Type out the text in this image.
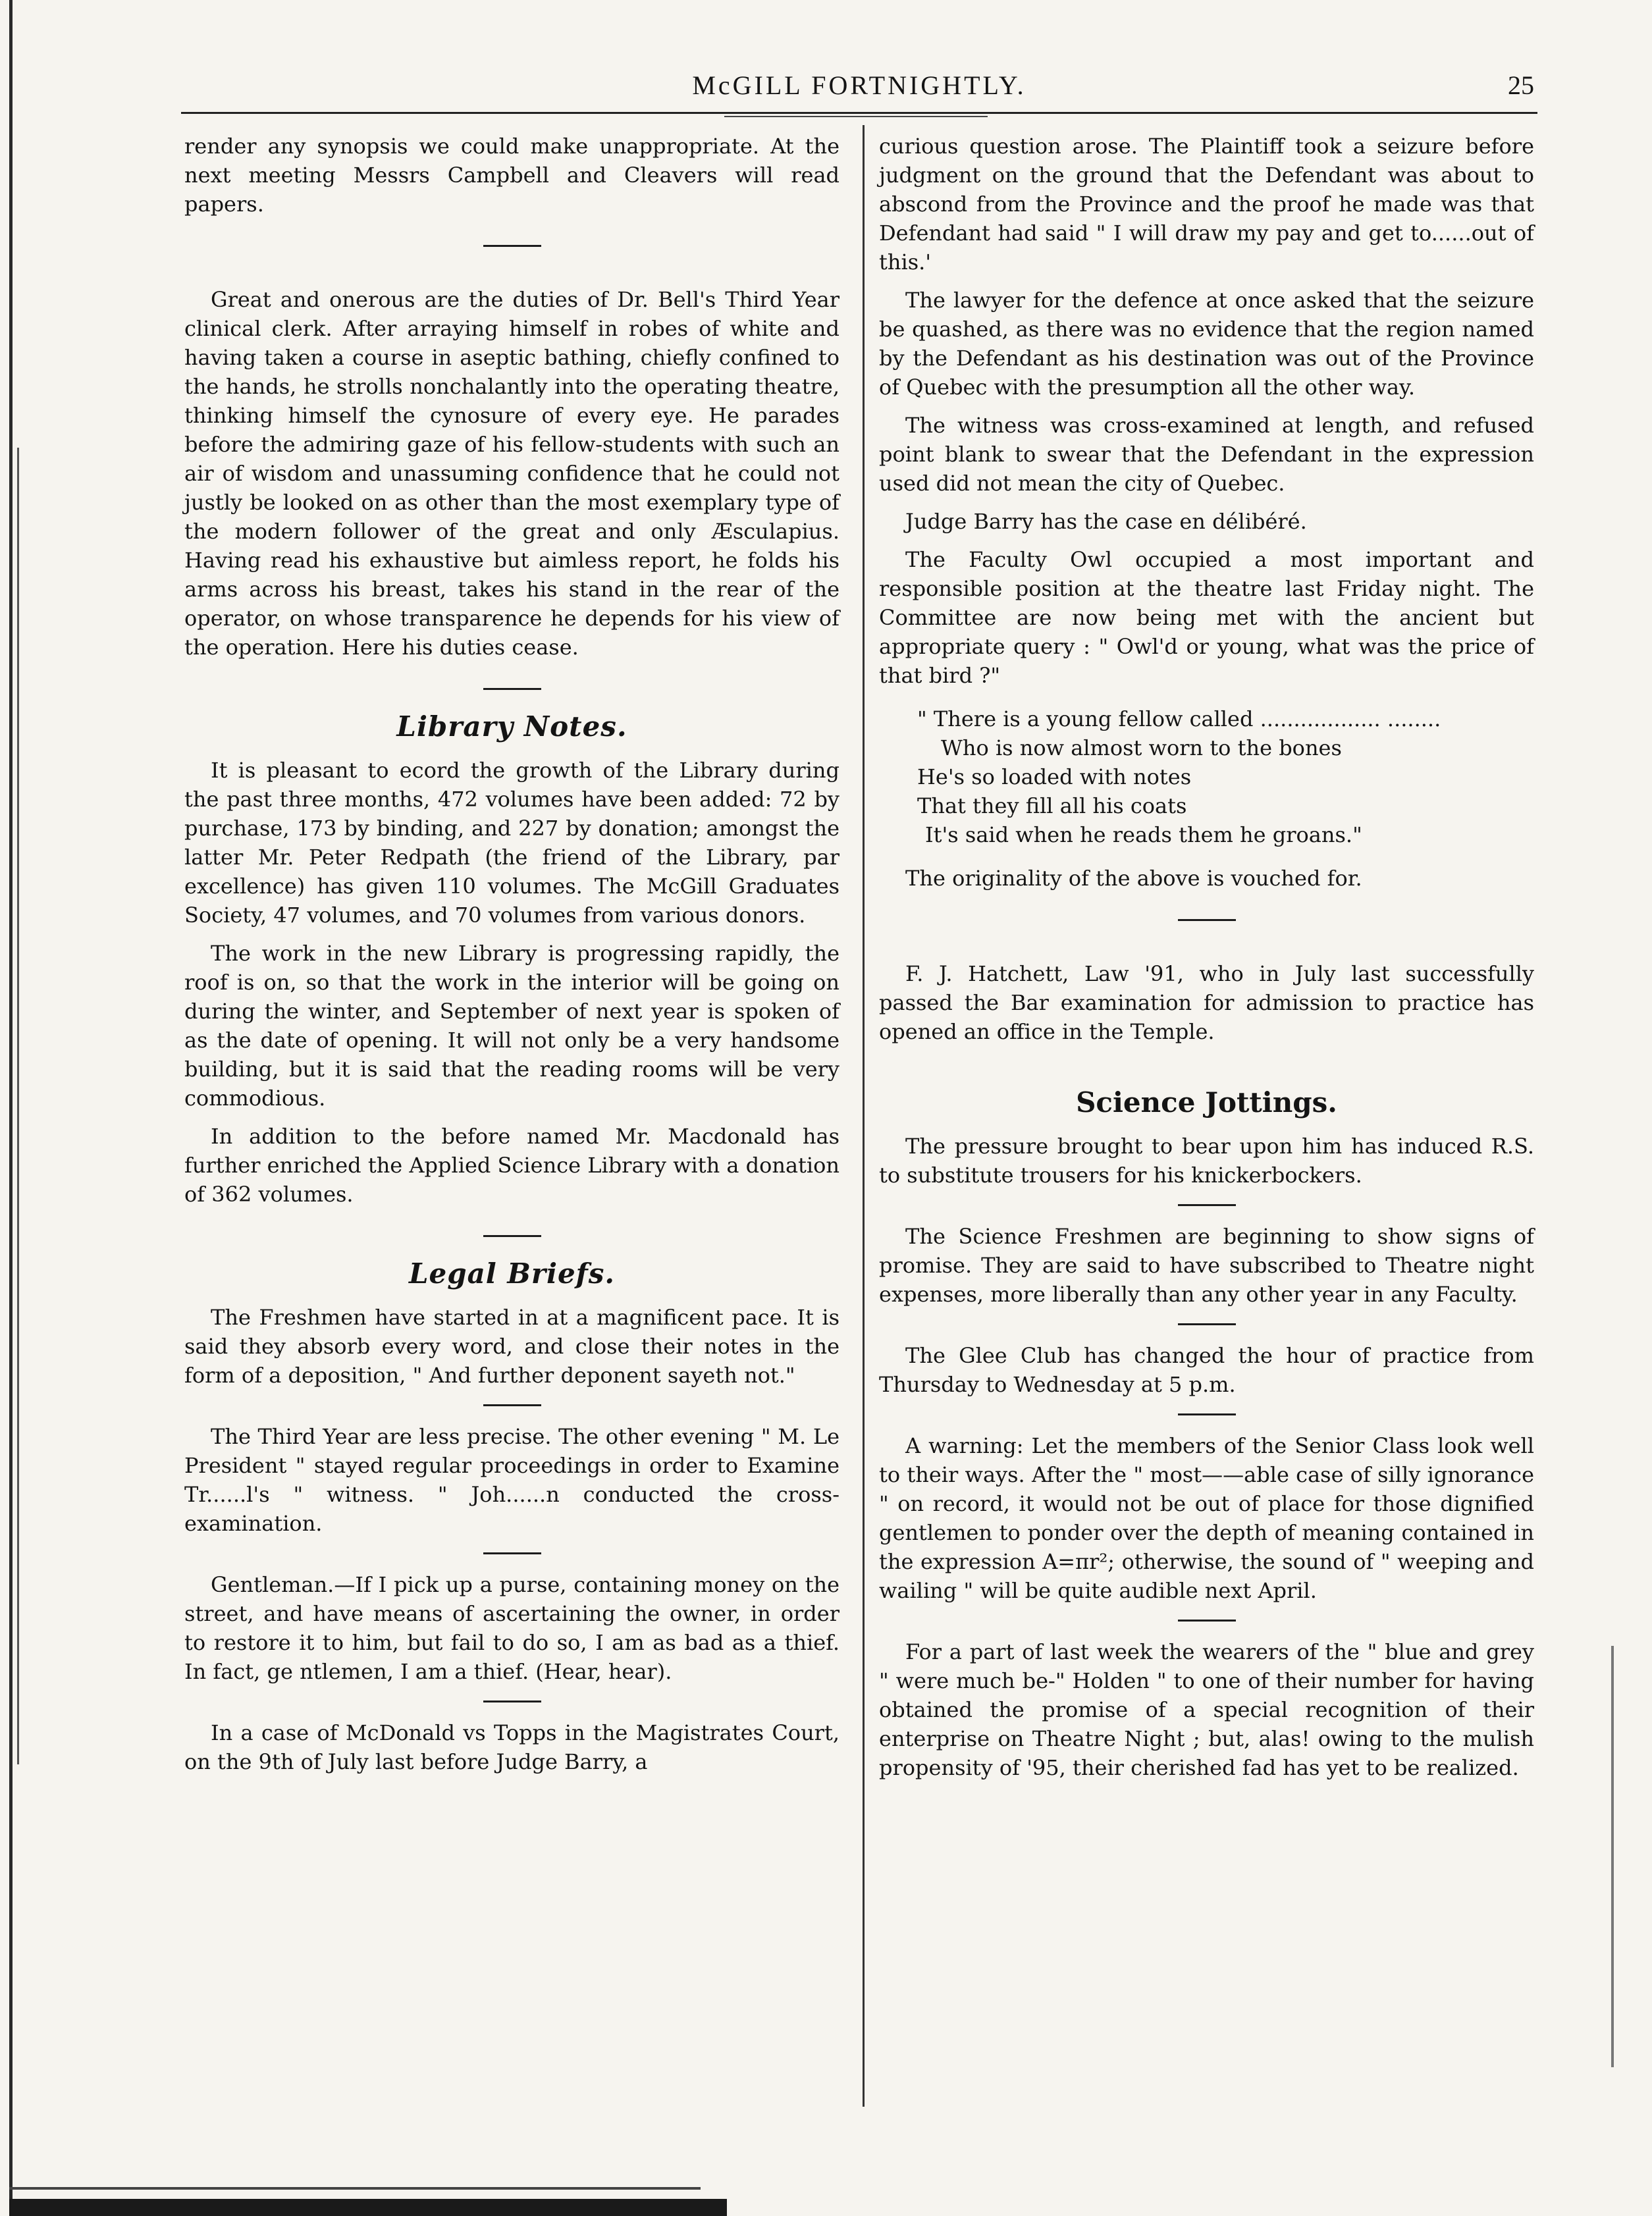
McGILL FORTNIGHTLY.	25

render any synopsis we could make unappropriate. At the next meeting Messrs Campbell and Cleavers will read papers.

Great and onerous are the duties of Dr. Bell's Third Year clinical clerk. After arraying himself in robes of white and having taken a course in aseptic bathing, chiefly confined to the hands, he strolls nonchalantly into the operating theatre, thinking himself the cynosure of every eye. He parades before the admiring gaze of his fellow-students with such an air of wisdom and unassuming confidence that he could not justly be looked on as other than the most exemplary type of the modern follower of the great and only Æsculapius. Having read his exhaustive but aimless report, he folds his arms across his breast, takes his stand in the rear of the operator, on whose transparence he depends for his view of the operation. Here his duties cease.

Library Notes.

It is pleasant to ecord the growth of the Library during the past three months, 472 volumes have been added: 72 by purchase, 173 by binding, and 227 by donation; amongst the latter Mr. Peter Redpath (the friend of the Library, par excellence) has given 110 volumes. The McGill Graduates Society, 47 volumes, and 70 volumes from various donors.

The work in the new Library is progressing rapidly, the roof is on, so that the work in the interior will be going on during the winter, and September of next year is spoken of as the date of opening. It will not only be a very handsome building, but it is said that the reading rooms will be very commodious.

In addition to the before named Mr. Macdonald has further enriched the Applied Science Library with a donation of 362 volumes.

Legal Briefs.

The Freshmen have started in at a magnificent pace. It is said they absorb every word, and close their notes in the form of a deposition, " And further deponent sayeth not."

The Third Year are less precise. The other evening " M. Le President " stayed regular proceedings in order to Examine Tr......l's " witness. " Joh......n conducted the cross-examination.

Gentleman.—If I pick up a purse, containing money on the street, and have means of ascertaining the owner, in order to restore it to him, but fail to do so, I am as bad as a thief. In fact, ge ntlemen, I am a thief. (Hear, hear).

In a case of McDonald vs Topps in the Magistrates Court, on the 9th of July last before Judge Barry, a

curious question arose. The Plaintiff took a seizure before judgment on the ground that the Defendant was about to abscond from the Province and the proof he made was that Defendant had said " I will draw my pay and get to......out of this.'

The lawyer for the defence at once asked that the seizure be quashed, as there was no evidence that the region named by the Defendant as his destination was out of the Province of Quebec with the presumption all the other way.

The witness was cross-examined at length, and refused point blank to swear that the Defendant in the expression used did not mean the city of Quebec.

Judge Barry has the case en délibéré.

The Faculty Owl occupied a most important and responsible position at the theatre last Friday night. The Committee are now being met with the ancient but appropriate query : " Owl'd or young, what was the price of that bird ?"

" There is a young fellow called .................. ........
Who is now almost worn to the bones
He's so loaded with notes
That they fill all his coats
It's said when he reads them he groans."

The originality of the above is vouched for.

F. J. Hatchett, Law '91, who in July last successfully passed the Bar examination for admission to practice has opened an office in the Temple.

Science Jottings.

The pressure brought to bear upon him has induced R.S. to substitute trousers for his knickerbockers.

The Science Freshmen are beginning to show signs of promise. They are said to have subscribed to Theatre night expenses, more liberally than any other year in any Faculty.

The Glee Club has changed the hour of practice from Thursday to Wednesday at 5 p.m.

A warning: Let the members of the Senior Class look well to their ways. After the " most——able case of silly ignorance " on record, it would not be out of place for those dignified gentlemen to ponder over the depth of meaning contained in the expression A=πr²; otherwise, the sound of " weeping and wailing " will be quite audible next April.

For a part of last week the wearers of the " blue and grey " were much be-" Holden " to one of their number for having obtained the promise of a special recognition of their enterprise on Theatre Night ; but, alas! owing to the mulish propensity of '95, their cherished fad has yet to be realized.
